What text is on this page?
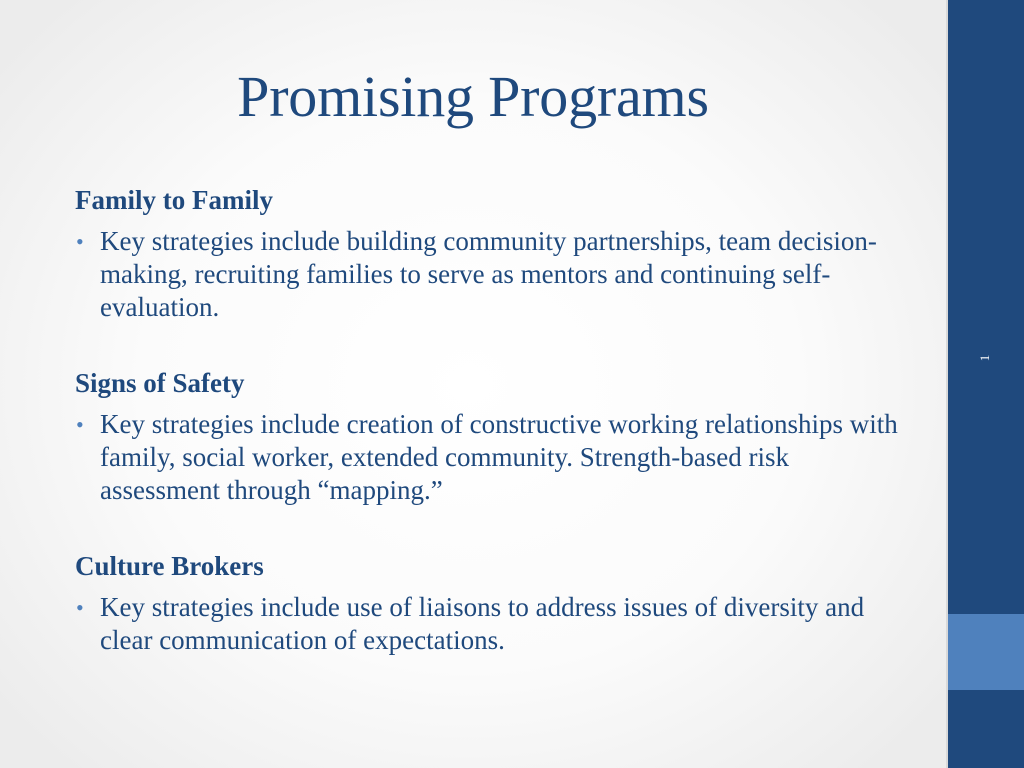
1
Promising Programs
Family to Family
• Key strategies include building community partnerships, team decision-making, recruiting families to serve as mentors and continuing self-evaluation.
Signs of Safety
• Key strategies include creation of constructive working relationships with family, social worker, extended community. Strength-based risk assessment through “mapping.”
Culture Brokers
• Key strategies include use of liaisons to address issues of diversity and clear communication of expectations.
